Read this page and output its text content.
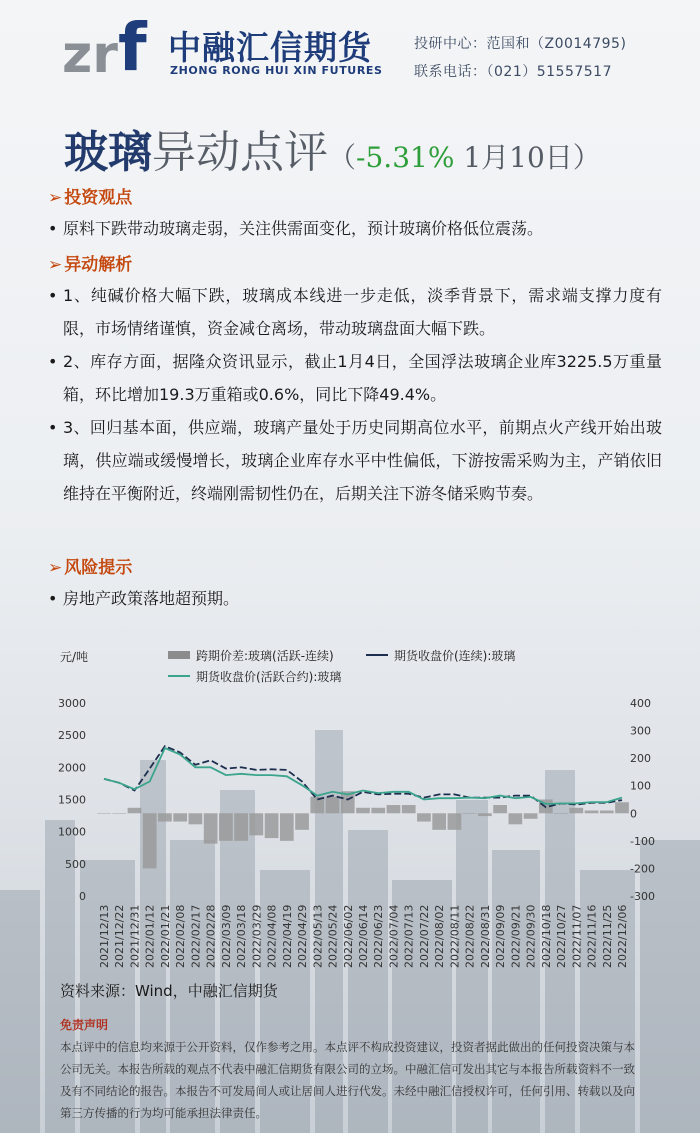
zr f 中融汇信期货
ZHONG RONG HUI XIN FUTURES
投研中心：范国和（Z0014795)
联系电话：（021）51557517
玻璃异动点评（-5.31% 1月10日）
➢ 投资观点
• 原料下跌带动玻璃走弱，关注供需面变化，预计玻璃价格低位震荡。
➢ 异动解析
• 1、纯碱价格大幅下跌，玻璃成本线进一步走低，淡季背景下，需求端支撑力度有限，市场情绪谨慎，资金减仓离场，带动玻璃盘面大幅下跌。
• 2、库存方面，据隆众资讯显示，截止1月4日，全国浮法玻璃企业库3225.5万重量箱，环比增加19.3万重箱或0.6%，同比下降49.4%。
• 3、回归基本面，供应端，玻璃产量处于历史同期高位水平，前期点火产线开始出玻璃，供应端或缓慢增长，玻璃企业库存水平中性偏低，下游按需采购为主，产销依旧维持在平衡附近，终端刚需韧性仍在，后期关注下游冬储采购节奏。
➢ 风险提示
• 房地产政策落地超预期。
元/吨	跨期价差:玻璃(活跃-连续)	期货收盘价(连续):玻璃
期货收盘价(活跃合约):玻璃
3000
2500
2000
1500
1000
500
0
400
300
200
100
0
-100
-200
-300
2021/12/13 2021/12/22 2021/12/31 2022/01/12 2022/01/21 2022/02/08 2022/02/17 2022/02/28 2022/03/09 2022/03/18 2022/03/29 2022/04/08 2022/04/19 2022/04/29 2022/05/13 2022/05/24 2022/06/02 2022/06/14 2022/06/23 2022/07/04 2022/07/13 2022/07/22 2022/08/02 2022/08/11 2022/08/22 2022/08/31 2022/09/09 2022/09/21 2022/09/30 2022/10/18 2022/10/27 2022/11/07 2022/11/16 2022/11/25 2022/12/06
资料来源：Wind，中融汇信期货
免责声明
本点评中的信息均来源于公开资料，仅作参考之用。本点评不构成投资建议，投资者据此做出的任何投资决策与本公司无关。本报告所载的观点不代表中融汇信期货有限公司的立场。中融汇信可发出其它与本报告所载资料不一致及有不同结论的报告。本报告不可发局间人或让居间人进行代发。未经中融汇信授权许可，任何引用、转载以及向第三方传播的行为均可能承担法律责任。
